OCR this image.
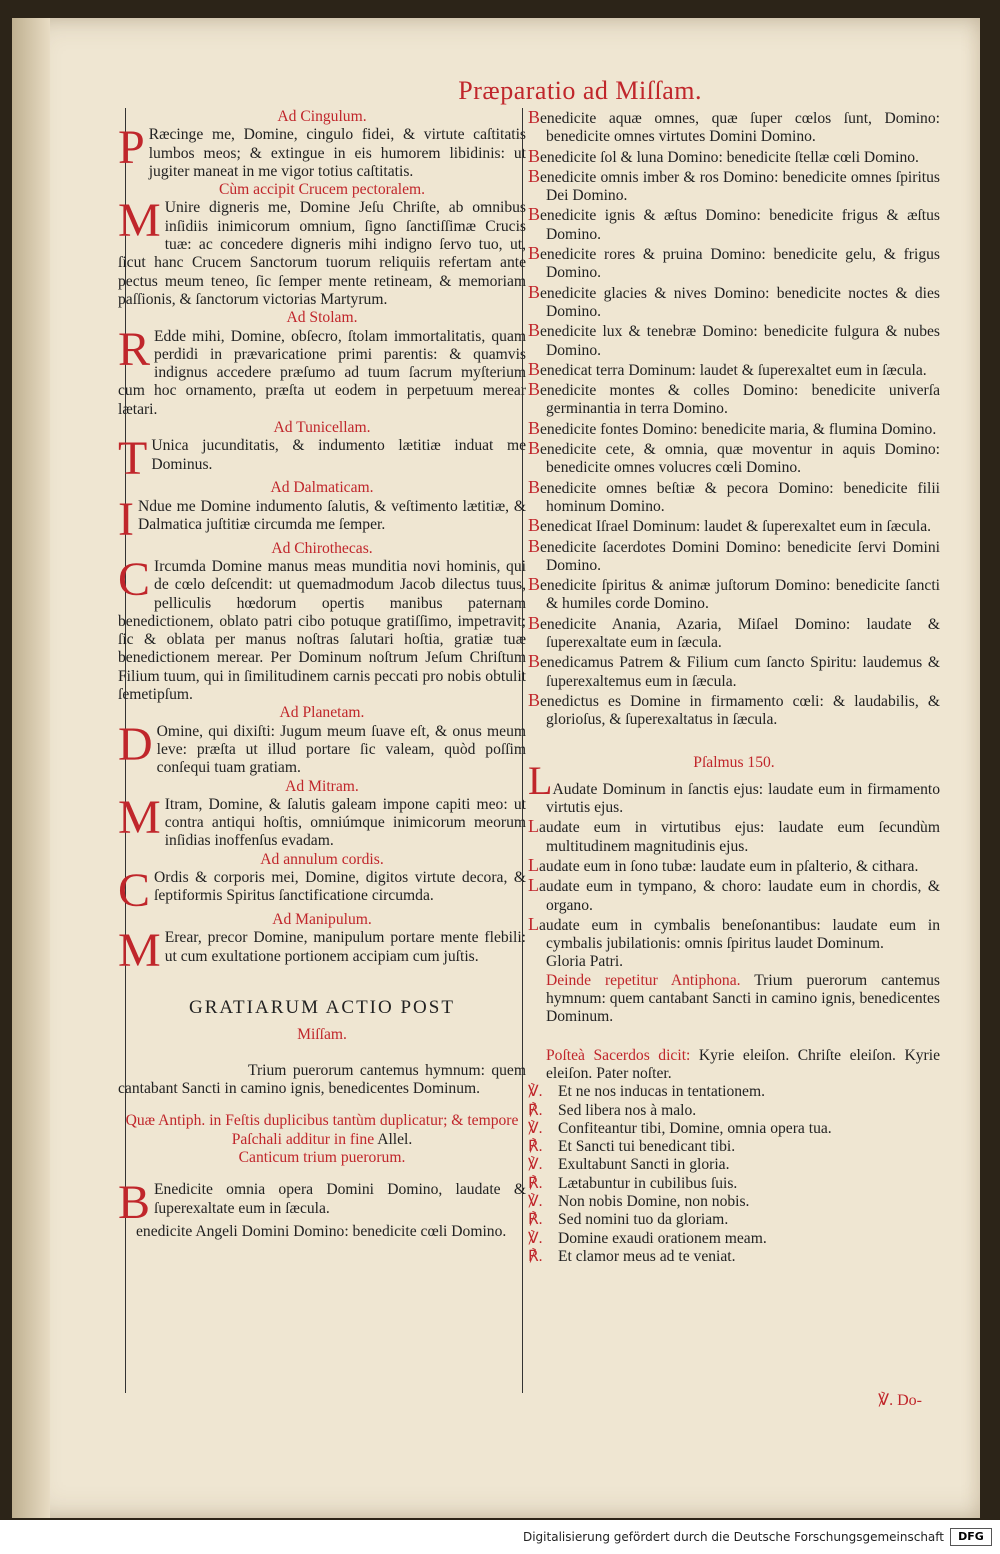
Præparatio ad Miſſam.
Ad Cingulum.

P Ræcinge me, Domine, cingulo fidei, & virtute caſtitatis lumbos meos; & extingue in eis humorem libidinis: ut jugiter maneat in me vigor totius caſtitatis.

Cùm accipit Crucem pectoralem.

M Unire digneris me, Domine Jeſu Chriſte, ab omnibus inſidiis inimicorum omnium, ſigno ſanctiſſimæ Crucis tuæ: ac concedere digneris mihi indigno ſervo tuo, ut, ſicut hanc Crucem Sanctorum tuorum reliquiis refertam ante pectus meum teneo, ſic ſemper mente retineam, & memoriam paſſionis, & ſanctorum victorias Martyrum.

Ad Stolam.

R Edde mihi, Domine, obſecro, ſtolam immortalitatis, quam perdidi in prævaricatione primi parentis: & quamvis indignus accedere præſumo ad tuum ſacrum myſterium cum hoc ornamento, præſta ut eodem in perpetuum merear lætari.

Ad Tunicellam.

T Unica jucunditatis, & indumento lætitiæ induat me Dominus.

Ad Dalmaticam.

I Ndue me Domine indumento ſalutis, & veſtimento lætitiæ, & Dalmatica juſtitiæ circumda me ſemper.

Ad Chirothecas.

C Ircumda Domine manus meas munditia novi hominis, qui de cœlo deſcendit: ut quemadmodum Jacob dilectus tuus, pelliculis hœdorum opertis manibus paternam benedictionem, oblato patri cibo potuque gratiſſimo, impetravit; ſic & oblata per manus noſtras ſalutari hoſtia, gratiæ tuæ benedictionem merear. Per Dominum noſtrum Jeſum Chriſtum Filium tuum, qui in ſimilitudinem carnis peccati pro nobis obtulit ſemetipſum.

Ad Planetam.

D Omine, qui dixiſti: Jugum meum ſuave eſt, & onus meum leve: præſta ut illud portare ſic valeam, quòd poſſim conſequi tuam gratiam.

Ad Mitram.

M Itram, Domine, & ſalutis galeam impone capiti meo: ut contra antiqui hoſtis, omniúmque inimicorum meorum inſidias inoffenſus evadam.

Ad annulum cordis.

C Ordis & corporis mei, Domine, digitos virtute decora, & ſeptiformis Spiritus ſanctificatione circumda.

Ad Manipulum.

M Erear, precor Domine, manipulum portare mente flebili: ut cum exultatione portionem accipiam cum juſtis.

GRATIARUM ACTIO POST
Miſſam.

Trium puerorum cantemus hymnum: quem cantabant Sancti in camino ignis, benedicentes Dominum.

Quæ Antiph. in Feſtis duplicibus tantùm duplicatur; & tempore Paſchali additur in fine Allel.

Canticum trium puerorum.

B Enedicite omnia opera Domini Domino, laudate & ſuperexaltate eum in ſæcula.

enedicite Angeli Domini Domino: benedicite cœli Domino.

Benedicite aquæ omnes, quæ ſuper cœlos ſunt, Domino: benedicite omnes virtutes Domini Domino.

Benedicite ſol & luna Domino: benedicite ſtellæ cœli Domino.

Benedicite omnis imber & ros Domino: benedicite omnes ſpiritus Dei Domino.

Benedicite ignis & æſtus Domino: benedicite frigus & æſtus Domino.

Benedicite rores & pruina Domino: benedicite gelu, & frigus Domino.

Benedicite glacies & nives Domino: benedicite noctes & dies Domino.

Benedicite lux & tenebræ Domino: benedicite fulgura & nubes Domino.

Benedicat terra Dominum: laudet & ſuperexaltet eum in ſæcula.

Benedicite montes & colles Domino: benedicite univerſa germinantia in terra Domino.

Benedicite fontes Domino: benedicite maria, & flumina Domino.

Benedicite cete, & omnia, quæ moventur in aquis Domino: benedicite omnes volucres cœli Domino.

Benedicite omnes beſtiæ & pecora Domino: benedicite filii hominum Domino.

Benedicat Iſrael Dominum: laudet & ſuperexaltet eum in ſæcula.

Benedicite ſacerdotes Domini Domino: benedicite ſervi Domini Domino.

Benedicite ſpiritus & animæ juſtorum Domino: benedicite ſancti & humiles corde Domino.

Benedicite Anania, Azaria, Miſael Domino: laudate & ſuperexaltate eum in ſæcula.

Benedicamus Patrem & Filium cum ſancto Spiritu: laudemus & ſuperexaltemus eum in ſæcula.

Benedictus es Domine in firmamento cœli: & laudabilis, & glorioſus, & ſuperexaltatus in ſæcula.

Pſalmus 150.

LAudate Dominum in ſanctis ejus: laudate eum in firmamento virtutis ejus.

Laudate eum in virtutibus ejus: laudate eum ſecundùm multitudinem magnitudinis ejus.

Laudate eum in ſono tubæ: laudate eum in pſalterio, & cithara.

Laudate eum in tympano, & choro: laudate eum in chordis, & organo.

Laudate eum in cymbalis beneſonantibus: laudate eum in cymbalis jubilationis: omnis ſpiritus laudet Dominum.

Gloria Patri.

Deinde repetitur Antiphona. Trium puerorum cantemus hymnum: quem cantabant Sancti in camino ignis, benedicentes Dominum.

Poſteà Sacerdos dicit: Kyrie eleiſon. Chriſte eleiſon. Kyrie eleiſon. Pater noſter.

℣. Et ne nos inducas in tentationem.

℟. Sed libera nos à malo.

℣. Confiteantur tibi, Domine, omnia opera tua.

℟. Et Sancti tui benedicant tibi.

℣. Exultabunt Sancti in gloria.

℟. Lætabuntur in cubilibus ſuis.

℣. Non nobis Domine, non nobis.

℟. Sed nomini tuo da gloriam.

℣. Domine exaudi orationem meam.

℟. Et clamor meus ad te veniat.

℣. Do-
Digitalisierung gefördert durch die Deutsche Forschungsgemeinschaft	DFG
